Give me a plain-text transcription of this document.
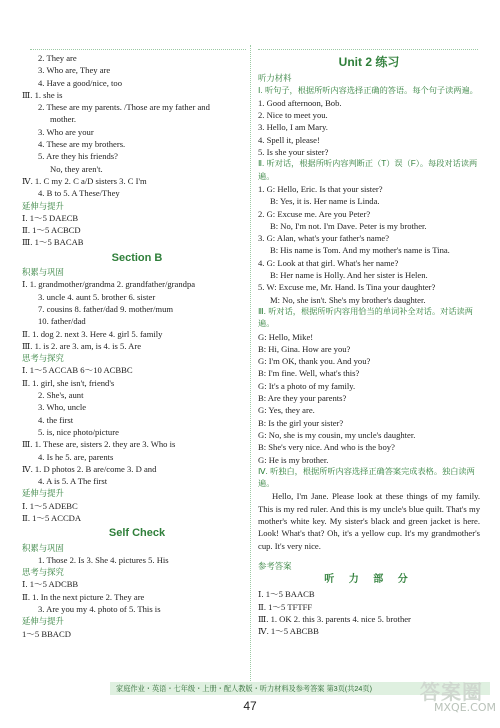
2. They are
3. Who are, They are
4. Have a good/nice, too
Ⅲ. 1. she is
2. These are my parents. /Those are my father and
mother.
3. Who are your
4. These are my brothers.
5. Are they his friends?
No, they aren't.
Ⅳ. 1. C my 2. C a/D sisters 3. C I'm
4. B to 5. A These/They
延伸与提升
Ⅰ. 1～5 DAECB
Ⅱ. 1～5 ACBCD
Ⅲ. 1～5 BACAB
Section B
积累与巩固
Ⅰ. 1. grandmother/grandma 2. grandfather/grandpa
3. uncle 4. aunt 5. brother 6. sister
7. cousins 8. father/dad 9. mother/mum
10. father/dad
Ⅱ. 1. dog 2. next 3. Here 4. girl 5. family
Ⅲ. 1. is 2. are 3. am, is 4. is 5. Are
思考与探究
Ⅰ. 1～5 ACCAB 6～10 ACBBC
Ⅱ. 1. girl, she isn't, friend's
2. She's, aunt
3. Who, uncle
4. the first
5. is, nice photo/picture
Ⅲ. 1. These are, sisters 2. they are 3. Who is
4. Is he 5. are, parents
Ⅳ. 1. D photos 2. B are/come 3. D and
4. A is 5. A The first
延伸与提升
Ⅰ. 1～5 ADEBC
Ⅱ. 1～5 ACCDA
Self Check
积累与巩固
1. Those 2. Is 3. She 4. pictures 5. His
思考与探究
Ⅰ. 1～5 ADCBB
Ⅱ. 1. In the next picture 2. They are
3. Are you my 4. photo of 5. This is
延伸与提升
1～5 BBACD
Unit 2 练习
听力材料
Ⅰ. 听句子，根据所听内容选择正确的答语。每个句子读两遍。
1. Good afternoon, Bob.
2. Nice to meet you.
3. Hello, I am Mary.
4. Spell it, please!
5. Is she your sister?
Ⅱ. 听对话，根据所听内容判断正（T）误（F）。每段对话读两遍。
1. G: Hello, Eric. Is that your sister?
B: Yes, it is. Her name is Linda.
2. G: Excuse me. Are you Peter?
B: No, I'm not. I'm Dave. Peter is my brother.
3. G: Alan, what's your father's name?
B: His name is Tom. And my mother's name is Tina.
4. G: Look at that girl. What's her name?
B: Her name is Holly. And her sister is Helen.
5. W: Excuse me, Mr. Hand. Is Tina your daughter?
M: No, she isn't. She's my brother's daughter.
Ⅲ. 听对话，根据所听内容用恰当的单词补全对话。对话读两遍。
G: Hello, Mike!
B: Hi, Gina. How are you?
G: I'm OK, thank you. And you?
B: I'm fine. Well, what's this?
G: It's a photo of my family.
B: Are they your parents?
G: Yes, they are.
B: Is the girl your sister?
G: No, she is my cousin, my uncle's daughter.
B: She's very nice. And who is the boy?
G: He is my brother.
Ⅳ. 听独白，根据所听内容选择正确答案完成表格。独白读两遍。
Hello, I'm Jane. Please look at these things of my family. This is my red ruler. And this is my uncle's blue quilt. That's my mother's white key. My sister's black and green jacket is here. Look! What's that? Oh, it's a yellow cup. It's my grandmother's cup. It's very nice.
参考答案
听 力 部 分
Ⅰ. 1～5 BAACB
Ⅱ. 1～5 TFTFF
Ⅲ. 1. OK 2. this 3. parents 4. nice 5. brother
Ⅳ. 1～5 ABCBB
家庭作业・英语・七年级・上册・配人教版・听力材料及参考答案 第3页(共24页)
47
答案圈
MXQE.COM
